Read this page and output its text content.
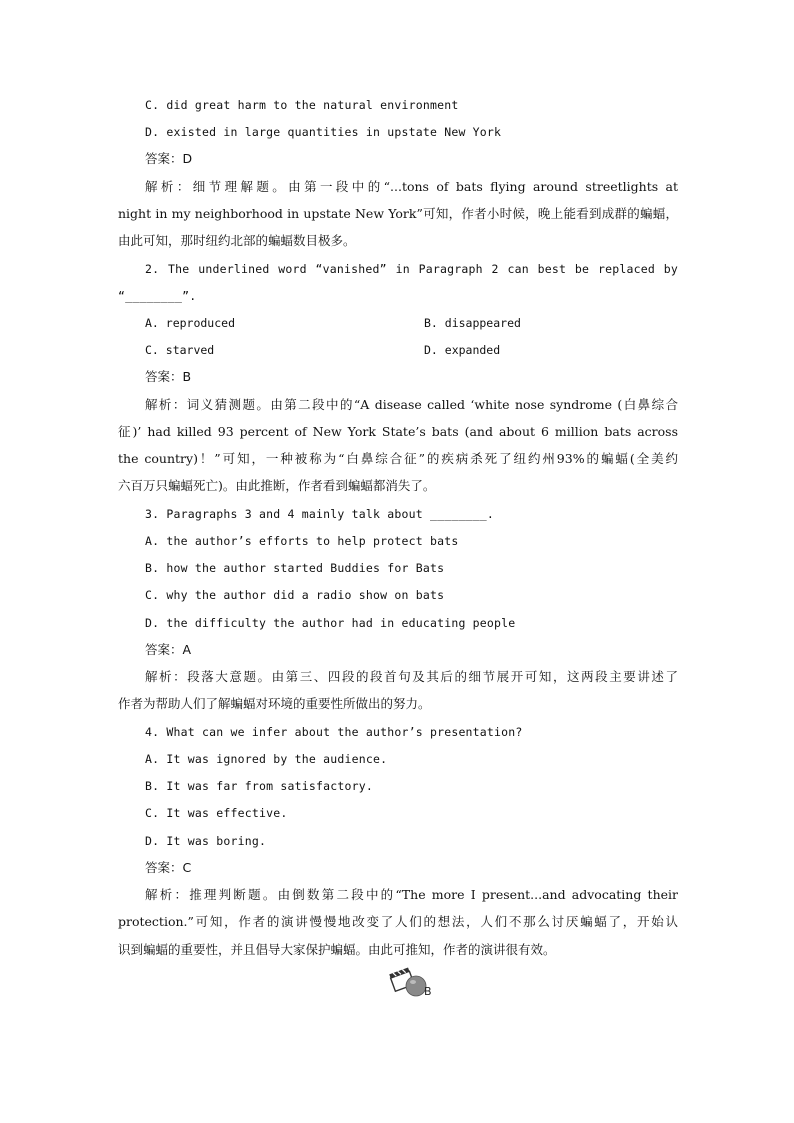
C. did great harm to the natural environment
D. existed in large quantities in upstate New York
答案：D
解析：细节理解题。由第一段中的“...tons of bats flying around streetlights at
night in my neighborhood in upstate New York”可知，作者小时候，晚上能看到成群的蝙蝠，
由此可知，那时纽约北部的蝙蝠数目极多。
2. The underlined word “vanished” in Paragraph 2 can best be replaced by
“________”.
A. reproduced	B. disappeared
C. starved	D. expanded
答案：B
解析：词义猜测题。由第二段中的“A disease called ‘white nose syndrome (白鼻综合
征)’ had killed 93 percent of New York State’s bats (and about 6 million bats across
the country)！”可知，一种被称为“白鼻综合征”的疾病杀死了纽约州93%的蝙蝠(全美约
六百万只蝙蝠死亡)。由此推断，作者看到蝙蝠都消失了。
3. Paragraphs 3 and 4 mainly talk about ________.
A. the author’s efforts to help protect bats
B. how the author started Buddies for Bats
C. why the author did a radio show on bats
D. the difficulty the author had in educating people
答案：A
解析：段落大意题。由第三、四段的段首句及其后的细节展开可知，这两段主要讲述了
作者为帮助人们了解蝙蝠对环境的重要性所做出的努力。
4. What can we infer about the author’s presentation?
A. It was ignored by the audience.
B. It was far from satisfactory.
C. It was effective.
D. It was boring.
答案：C
解析：推理判断题。由倒数第二段中的“The more I present...and advocating their
protection.”可知，作者的演讲慢慢地改变了人们的想法，人们不那么讨厌蝙蝠了，开始认
识到蝙蝠的重要性，并且倡导大家保护蝙蝠。由此可推知，作者的演讲很有效。
B
